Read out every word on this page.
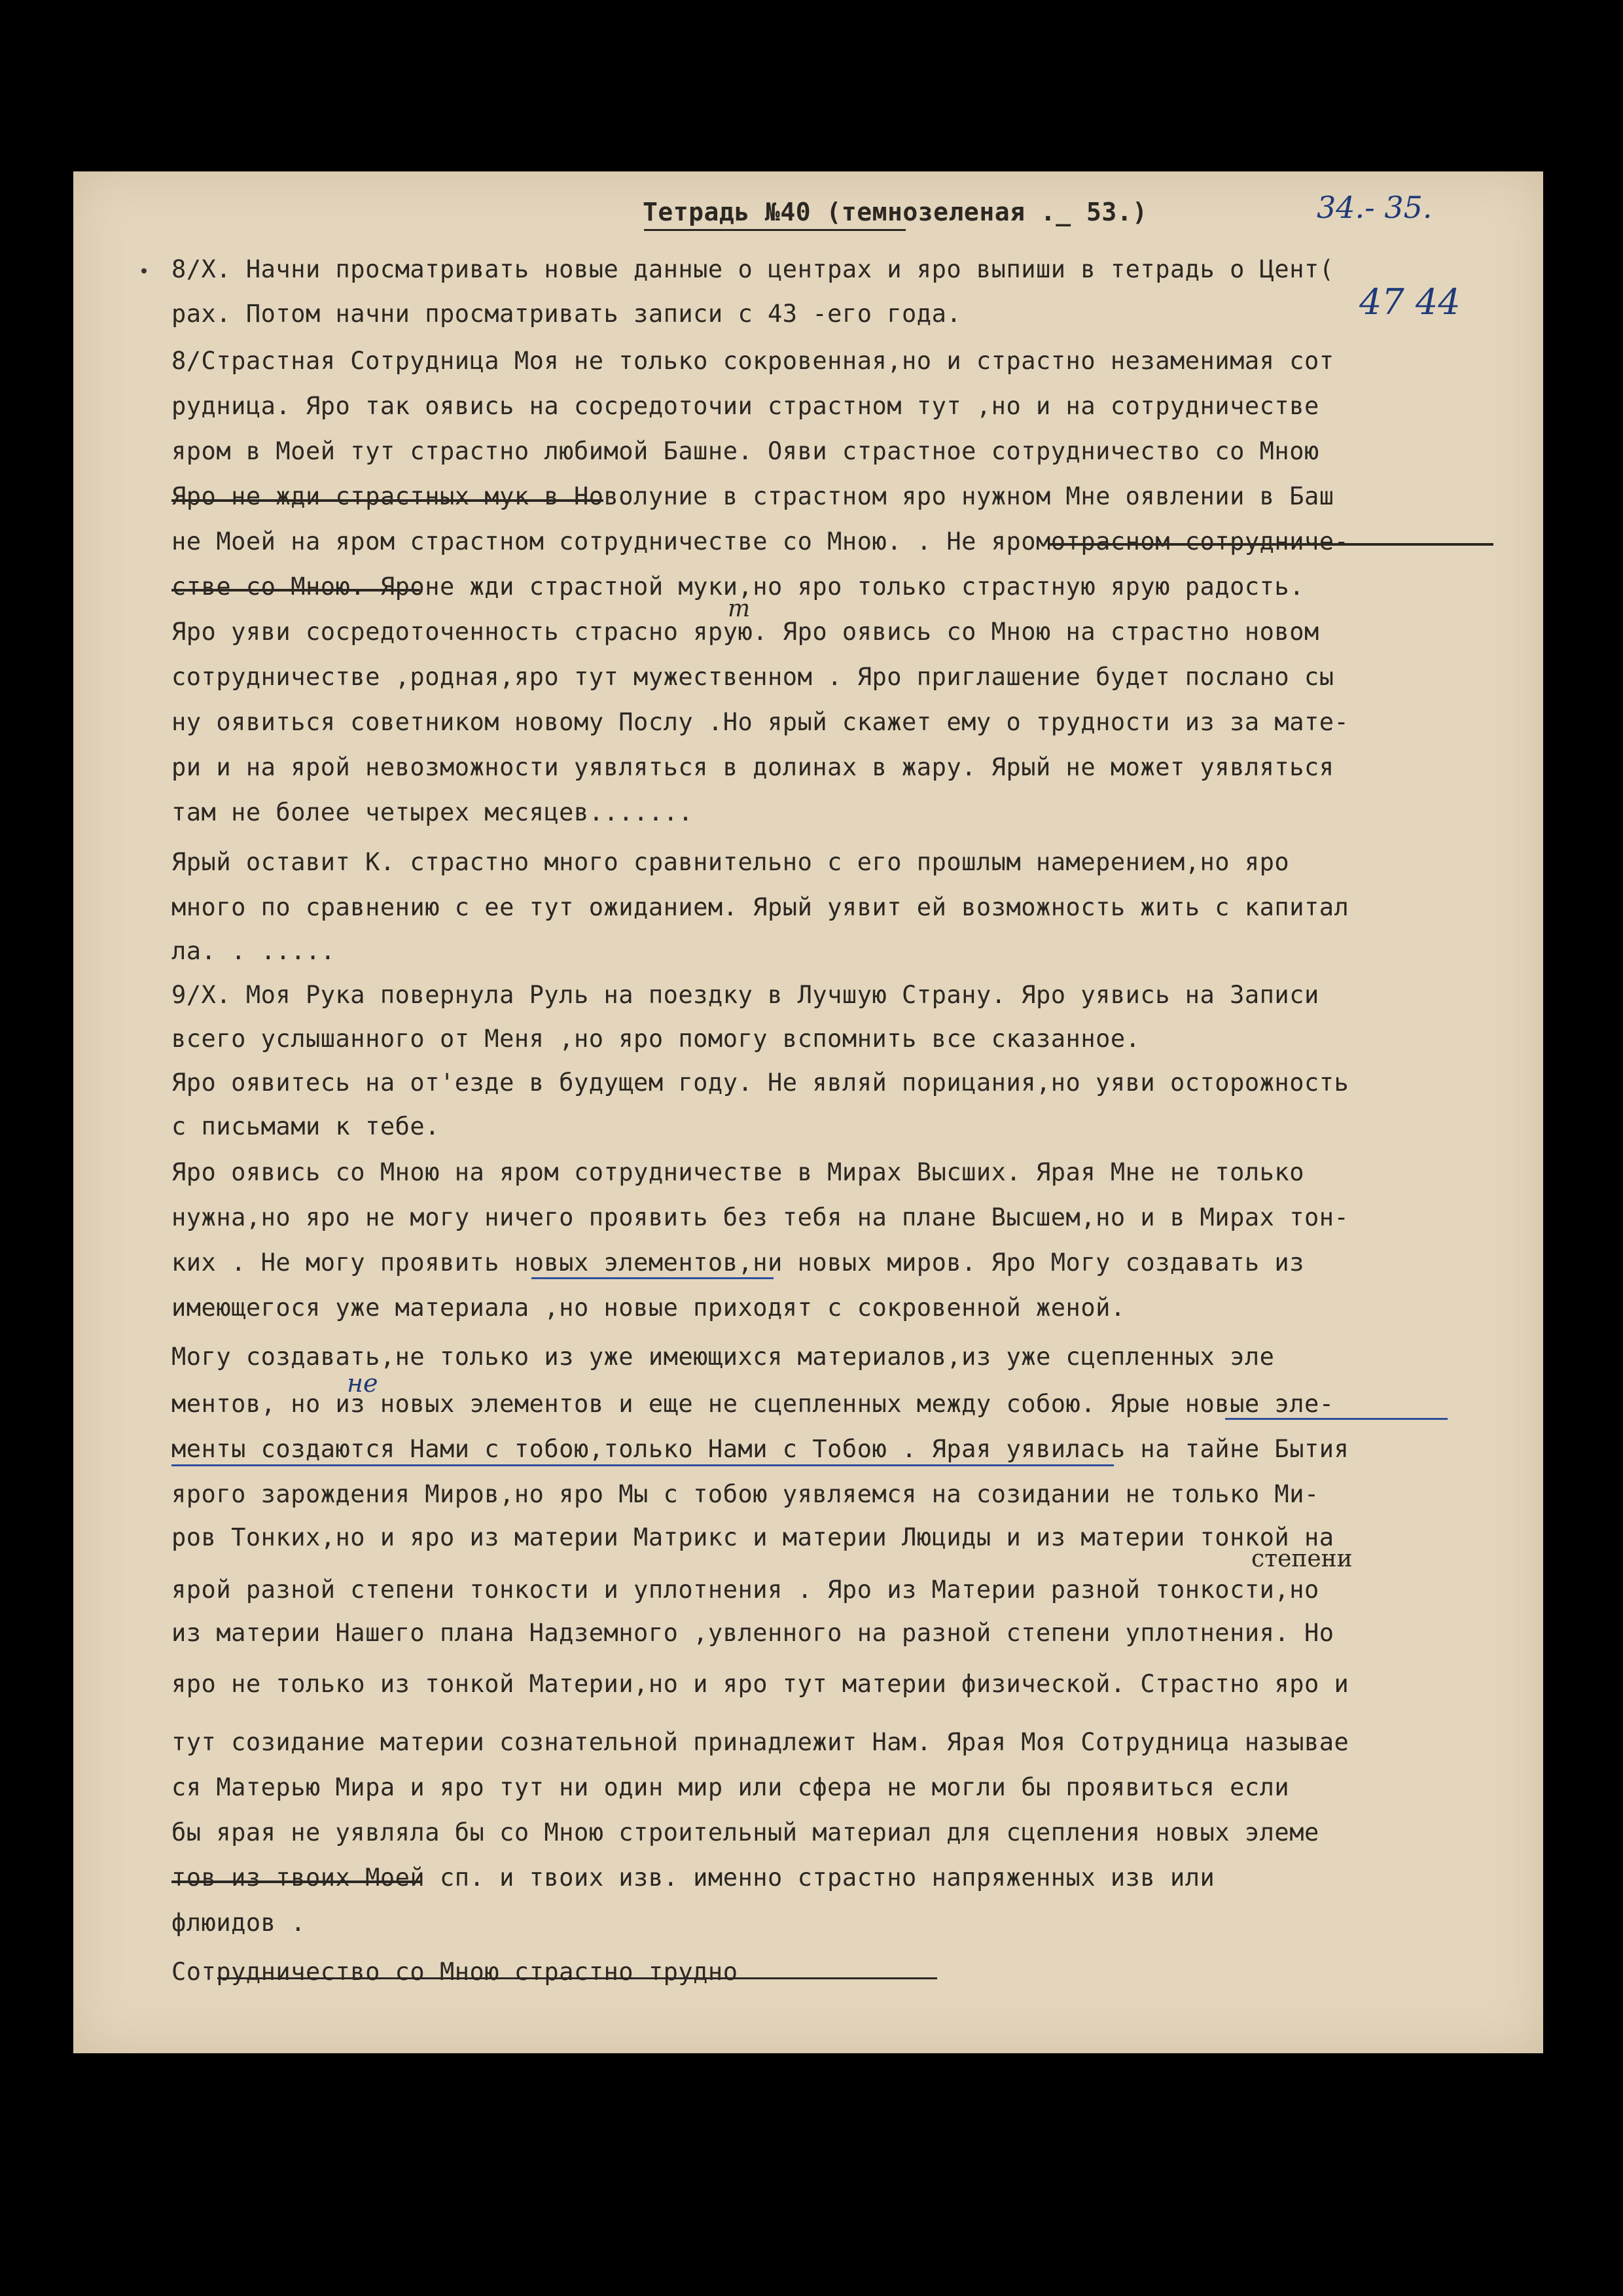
Тетрадь №40 (темнозеленая ._ 53.)	34.- 35.
47 44
8/X. Начни просматривать новые данные о центрах и яро выпиши в тетрадь о Цент(
рах. Потом начни просматривать записи с 43 -его года.
8/Страстная Сотрудница Моя не только сокровенная,но и страстно незаменимая сот
рудница. Яро так оявись на сосредоточии страстном тут ,но и на сотрудничестве
яром в Моей тут страстно любимой Башне. Ояви страстное сотрудничество со Мною
Яро не жди страстных мук в Новолуние в страстном яро нужном Мне оявлении в Баш
не Моей на яром страстном сотрудничестве со Мною. . Не яромотрасном сотрудниче-
стве со Мною. Яроне жди страстной муки,но яро только страстную ярую радость.
Яро уяви сосредоточенность страсно ярую. Яро оявись со Мною на страстно новом
сотрудничестве ,родная,яро тут мужественном . Яро приглашение будет послано сы
ну оявиться советником новому Послу .Но ярый скажет ему о трудности из за мате-
ри и на ярой невозможности уявляться в долинах в жару. Ярый не может уявляться
там не более четырех месяцев.......
Ярый оставит К. страстно много сравнительно с его прошлым намерением,но яро
много по сравнению с ее тут ожиданием. Ярый уявит ей возможность жить с капитал
ла. . .....
9/X. Моя Рука повернула Руль на поездку в Лучшую Страну. Яро уявись на Записи
всего услышанного от Меня ,но яро помогу вспомнить все сказанное.
Яро оявитесь на от'езде в будущем году. Не являй порицания,но уяви осторожность
с письмами к тебе.
Яро оявись со Мною на яром сотрудничестве в Мирах Высших. Ярая Мне не только
нужна,но яро не могу ничего проявить без тебя на плане Высшем,но и в Мирах тон-
ких . Не могу проявить новых элементов,ни новых миров. Яро Могу создавать из
имеющегося уже материала ,но новые приходят с сокровенной женой.
Могу создавать,не только из уже имеющихся материалов,из уже сцепленных эле
ментов, но из новых элементов и еще не сцепленных между собою. Ярые новые эле-
менты создаются Нами с тобою,только Нами с Тобою . Ярая уявилась на тайне Бытия
ярого зарождения Миров,но яро Мы с тобою уявляемся на созидании не только Ми-
ров Тонких,но и яро из материи Матрикс и материи Люциды и из материи тонкой на
ярой разной степени тонкости и уплотнения . Яро из Материи разной тонкости,но
из материи Нашего плана Надземного ,увленного на разной степени уплотнения. Но
яро не только из тонкой Материи,но и яро тут материи физической. Страстно яро и
тут созидание материи сознательной принадлежит Нам. Ярая Моя Сотрудница называе
ся Матерью Мира и яро тут ни один мир или сфера не могли бы проявиться если
бы ярая не уявляла бы со Мною строительный материал для сцепления новых элеме
тов из твоих Моей сп. и твоих изв. именно страстно напряженных изв или
флюидов .
Сотрудничество со Мною страстно трудно
т
не
степени
